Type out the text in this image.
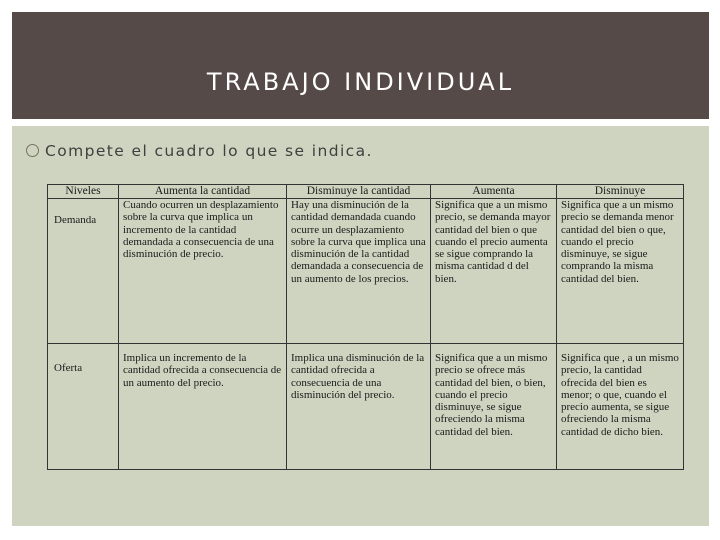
TRABAJO INDIVIDUAL
Compete el cuadro lo que se indica.
Niveles	Aumenta la cantidad	Disminuye la cantidad	Aumenta	Disminuye

Demanda	Cuando ocurren un desplazamiento sobre la curva que implica un incremento de la cantidad demandada a consecuencia de una disminución de precio.	Hay una disminución de la cantidad demandada cuando ocurre un desplazamiento sobre la curva que implica una disminución de la cantidad demandada a consecuencia de un aumento de los precios.	Significa que a un mismo precio, se demanda mayor cantidad del bien o que cuando el precio aumenta se sigue comprando la misma cantidad d del bien.	Significa que a un mismo precio se demanda menor cantidad del bien o que, cuando el precio disminuye, se sigue comprando la misma cantidad del bien.

Oferta	Implica un incremento de la cantidad ofrecida a consecuencia de un aumento del precio.	Implica una disminución de la cantidad ofrecida a consecuencia de una disminución del precio.	Significa que a un mismo precio se ofrece más cantidad del bien, o bien, cuando el precio disminuye, se sigue ofreciendo la misma cantidad del bien.	Significa que , a un mismo precio, la cantidad ofrecida del bien es menor; o que, cuando el precio aumenta, se sigue ofreciendo la misma cantidad de dicho bien.
